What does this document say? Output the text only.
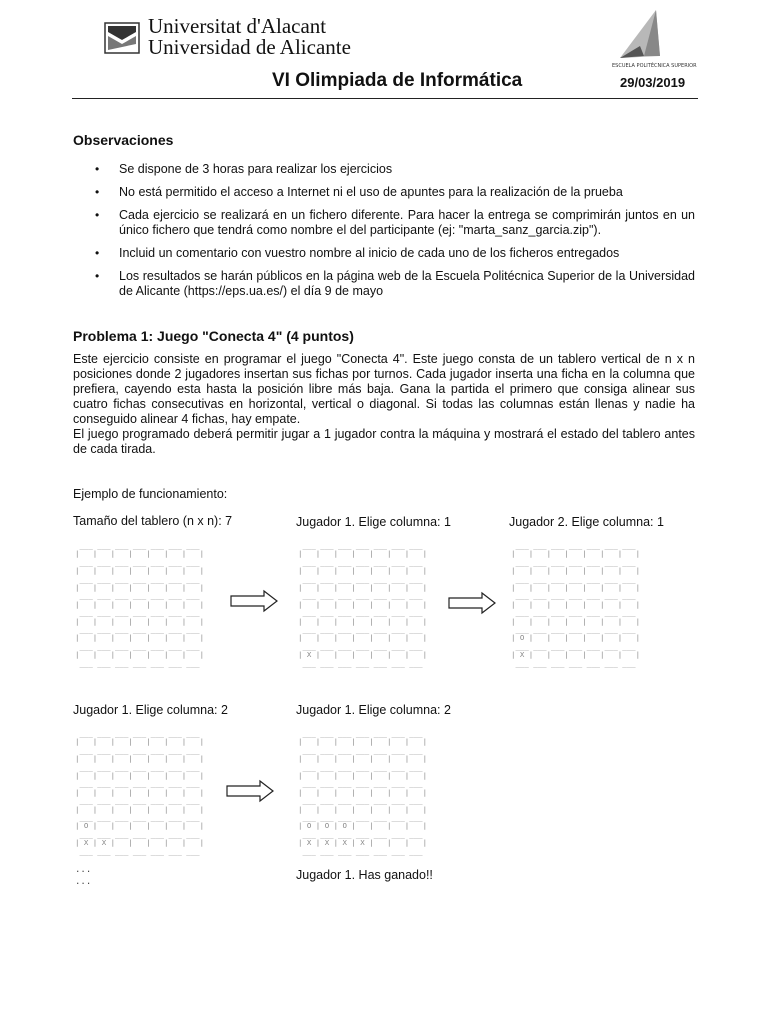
Universitat d'Alacant
Universidad de Alicante
ESCUELA POLITÉCNICA SUPERIOR
VI Olimpiada de Informática	29/03/2019
Observaciones
• Se dispone de 3 horas para realizar los ejercicios
• No está permitido el acceso a Internet ni el uso de apuntes para la realización de la prueba
• Cada ejercicio se realizará en un fichero diferente. Para hacer la entrega se comprimirán juntos en un único fichero que tendrá como nombre el del participante (ej: "marta_sanz_garcia.zip").
• Incluid un comentario con vuestro nombre al inicio de cada uno de los ficheros entregados
• Los resultados se harán públicos en la página web de la Escuela Politécnica Superior de la Universidad de Alicante (https://eps.ua.es/) el día 9 de mayo
Problema 1: Juego "Conecta 4" (4 puntos)

Este ejercicio consiste en programar el juego "Conecta 4". Este juego consta de un tablero vertical de n x n posiciones donde 2 jugadores insertan sus fichas por turnos. Cada jugador inserta una ficha en la columna que prefiera, cayendo esta hasta la posición libre más baja. Gana la partida el primero que consiga alinear sus cuatro fichas consecutivas en horizontal, vertical o diagonal. Si todas las columnas están llenas y nadie ha conseguido alinear 4 fichas, hay empate.

El juego programado deberá permitir jugar a 1 jugador contra la máquina y mostrará el estado del tablero antes de cada tirada.

Ejemplo de funcionamiento:
Tamaño del tablero (n x n): 7
___ ___ ___ ___ ___ ___ ___
|   |   |   |   |   |   |   |
___ ___ ___ ___ ___ ___ ___
|   |   |   |   |   |   |   |
___ ___ ___ ___ ___ ___ ___
|   |   |   |   |   |   |   |
___ ___ ___ ___ ___ ___ ___
|   |   |   |   |   |   |   |
___ ___ ___ ___ ___ ___ ___
|   |   |   |   |   |   |   |
___ ___ ___ ___ ___ ___ ___
|   |   |   |   |   |   |   |
___ ___ ___ ___ ___ ___ ___
|   |   |   |   |   |   |   |
___ ___ ___ ___ ___ ___ ___
Jugador 1. Elige columna: 1
___ ___ ___ ___ ___ ___ ___
|   |   |   |   |   |   |   |
___ ___ ___ ___ ___ ___ ___
|   |   |   |   |   |   |   |
___ ___ ___ ___ ___ ___ ___
|   |   |   |   |   |   |   |
___ ___ ___ ___ ___ ___ ___
|   |   |   |   |   |   |   |
___ ___ ___ ___ ___ ___ ___
|   |   |   |   |   |   |   |
___ ___ ___ ___ ___ ___ ___
|   |   |   |   |   |   |   |
___ ___ ___ ___ ___ ___ ___
| X |   |   |   |   |   |   |
___ ___ ___ ___ ___ ___ ___
Jugador 2. Elige columna: 1
___ ___ ___ ___ ___ ___ ___
|   |   |   |   |   |   |   |
___ ___ ___ ___ ___ ___ ___
|   |   |   |   |   |   |   |
___ ___ ___ ___ ___ ___ ___
|   |   |   |   |   |   |   |
___ ___ ___ ___ ___ ___ ___
|   |   |   |   |   |   |   |
___ ___ ___ ___ ___ ___ ___
|   |   |   |   |   |   |   |
___ ___ ___ ___ ___ ___ ___
| O |   |   |   |   |   |   |
___ ___ ___ ___ ___ ___ ___
| X |   |   |   |   |   |   |
___ ___ ___ ___ ___ ___ ___
Jugador 1. Elige columna: 2
___ ___ ___ ___ ___ ___ ___
|   |   |   |   |   |   |   |
___ ___ ___ ___ ___ ___ ___
|   |   |   |   |   |   |   |
___ ___ ___ ___ ___ ___ ___
|   |   |   |   |   |   |   |
___ ___ ___ ___ ___ ___ ___
|   |   |   |   |   |   |   |
___ ___ ___ ___ ___ ___ ___
|   |   |   |   |   |   |   |
___ ___ ___ ___ ___ ___ ___
| O |   |   |   |   |   |   |
___ ___ ___ ___ ___ ___ ___
| X | X |   |   |   |   |   |
___ ___ ___ ___ ___ ___ ___
Jugador 1. Elige columna: 2
___ ___ ___ ___ ___ ___ ___
|   |   |   |   |   |   |   |
___ ___ ___ ___ ___ ___ ___
|   |   |   |   |   |   |   |
___ ___ ___ ___ ___ ___ ___
|   |   |   |   |   |   |   |
___ ___ ___ ___ ___ ___ ___
|   |   |   |   |   |   |   |
___ ___ ___ ___ ___ ___ ___
|   |   |   |   |   |   |   |
___ ___ ___ ___ ___ ___ ___
| O | O | O |   |   |   |   |
___ ___ ___ ___ ___ ___ ___
| X | X | X | X |   |   |   |
___ ___ ___ ___ ___ ___ ___
...
...	Jugador 1. Has ganado!!
